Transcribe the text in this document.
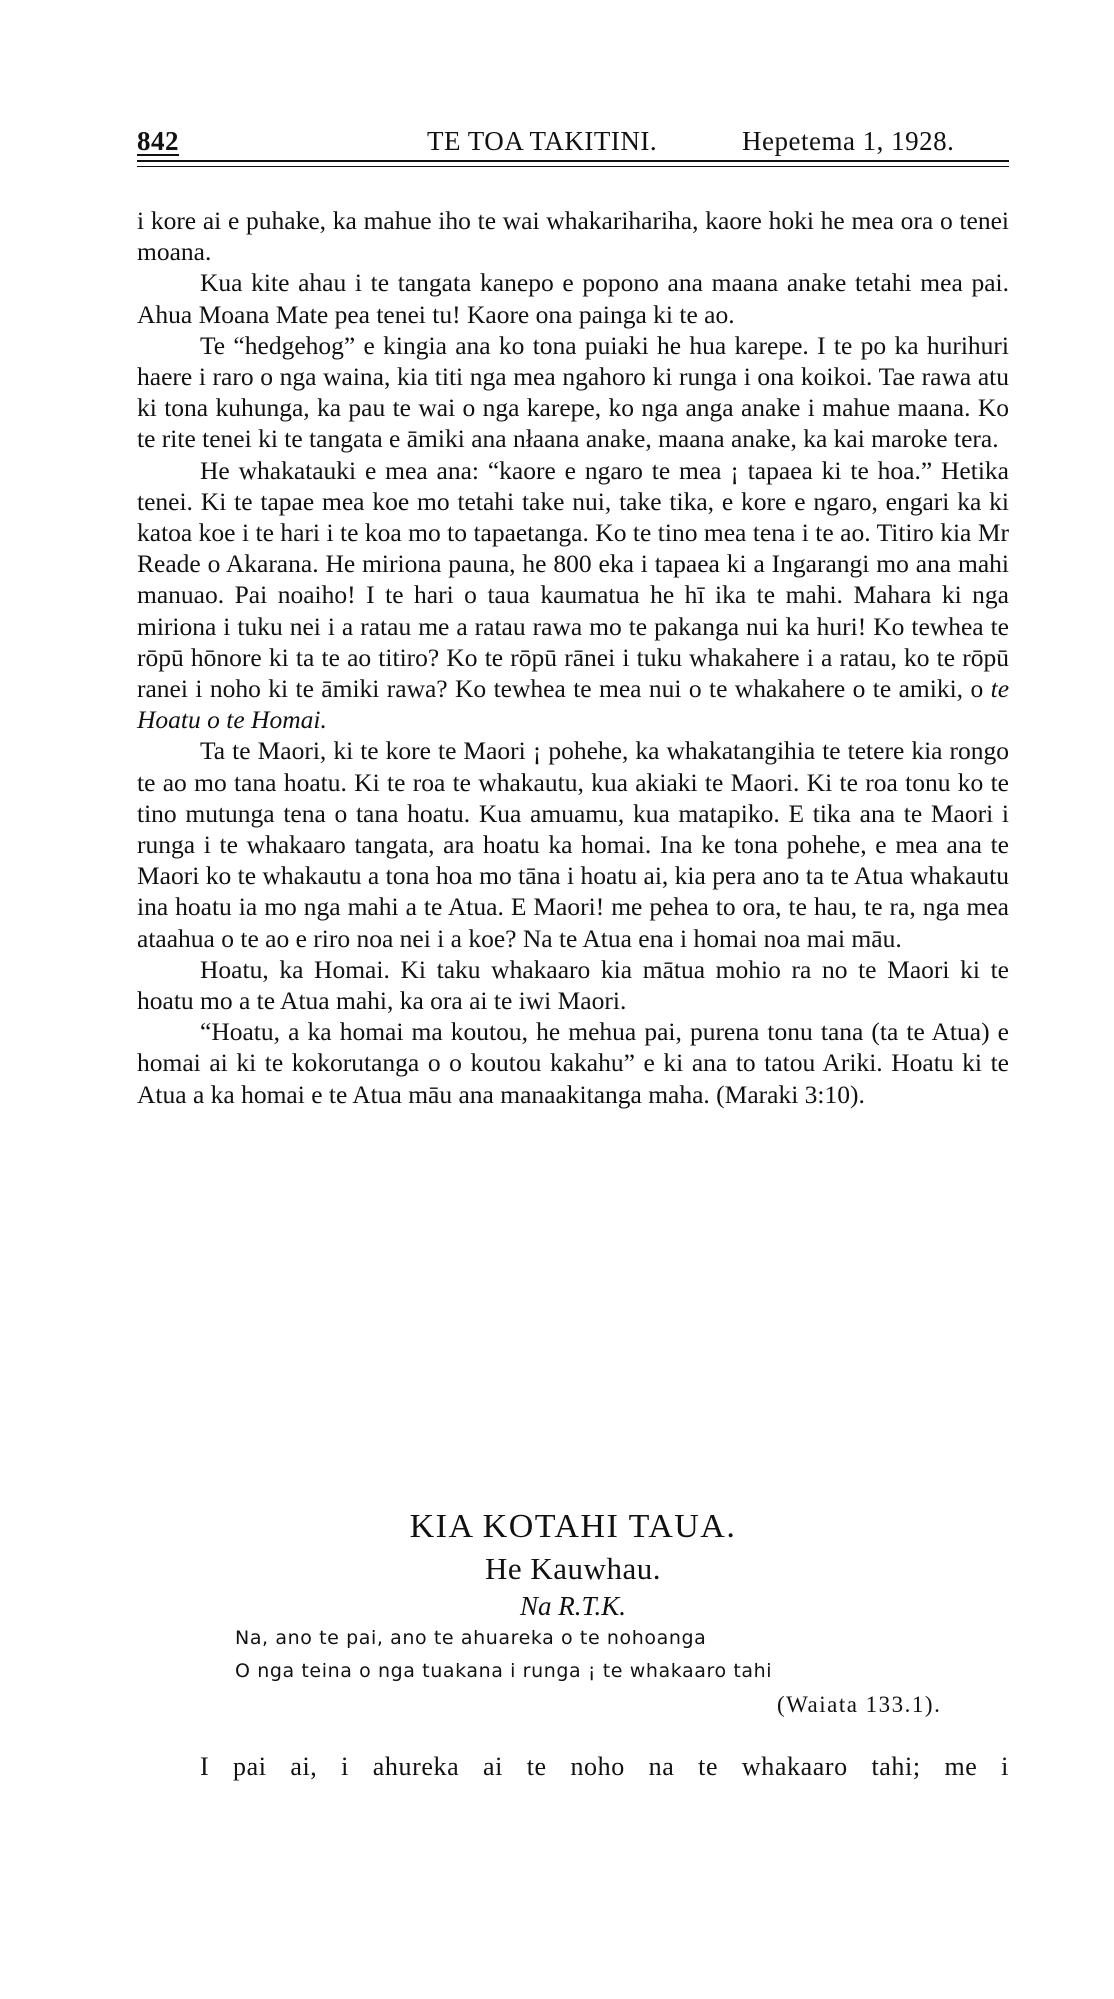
842	TE TOA TAKITINI.	Hepetema 1, 1928.

i kore ai e puhake, ka mahue iho te wai whakarihariha, kaore hoki he mea ora o tenei moana.

Kua kite ahau i te tangata kanepo e popono ana maana anake tetahi mea pai. Ahua Moana Mate pea tenei tu! Kaore ona painga ki te ao.

Te “hedgehog” e kingia ana ko tona puiaki he hua karepe. I te po ka hurihuri haere i raro o nga waina, kia titi nga mea ngahoro ki runga i ona koikoi. Tae rawa atu ki tona kuhunga, ka pau te wai o nga karepe, ko nga anga anake i mahue maana. Ko te rite tenei ki te tangata e āmiki ana nłaana anake, maana anake, ka kai maroke tera.

He whakatauki e mea ana: “kaore e ngaro te mea ¡ tapaea ki te hoa.” Hetika tenei. Ki te tapae mea koe mo tetahi take nui, take tika, e kore e ngaro, engari ka ki katoa koe i te hari i te koa mo to tapaetanga. Ko te tino mea tena i te ao. Titiro kia Mr Reade o Akarana. He miriona pauna, he 800 eka i tapaea ki a Ingarangi mo ana mahi manuao. Pai noaiho! I te hari o taua kaumatua he hī ika te mahi. Mahara ki nga miriona i tuku nei i a ratau me a ratau rawa mo te pakanga nui ka huri! Ko tewhea te rōpū hōnore ki ta te ao titiro? Ko te rōpū rānei i tuku whakahere i a ratau, ko te rōpū ranei i noho ki te āmiki rawa? Ko tewhea te mea nui o te whakahere o te amiki, o te Hoatu o te Homai.

Ta te Maori, ki te kore te Maori ¡ pohehe, ka whakatangihia te tetere kia rongo te ao mo tana hoatu. Ki te roa te whakautu, kua akiaki te Maori. Ki te roa tonu ko te tino mutunga tena o tana hoatu. Kua amuamu, kua matapiko. E tika ana te Maori i runga i te whakaaro tangata, ara hoatu ka homai. Ina ke tona pohehe, e mea ana te Maori ko te whakautu a tona hoa mo tāna i hoatu ai, kia pera ano ta te Atua whakautu ina hoatu ia mo nga mahi a te Atua. E Maori! me pehea to ora, te hau, te ra, nga mea ataahua o te ao e riro noa nei i a koe? Na te Atua ena i homai noa mai māu.

Hoatu, ka Homai. Ki taku whakaaro kia mātua mohio ra no te Maori ki te hoatu mo a te Atua mahi, ka ora ai te iwi Maori.

“Hoatu, a ka homai ma koutou, he mehua pai, purena tonu tana (ta te Atua) e homai ai ki te kokorutanga o o koutou kakahu” e ki ana to tatou Ariki. Hoatu ki te Atua a ka homai e te Atua māu ana manaakitanga maha. (Maraki 3:10).

KIA KOTAHI TAUA.
He Kauwhau.
Na R.T.K.
Na, ano te pai, ano te ahuareka o te nohoanga
O nga teina o nga tuakana i runga ¡ te whakaaro tahi
(Waiata 133.1).
I pai ai, i ahureka ai te noho na te whakaaro tahi; me i
